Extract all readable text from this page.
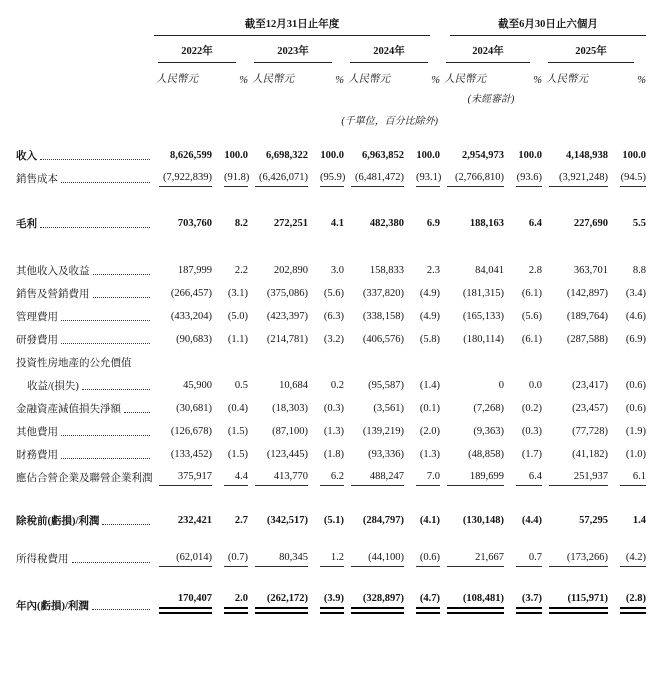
	截至12月31日止年度						截至6月30日止六個月			

	2022年		2023年		2024年		2024年		2025年	

	人民幣元	%	人民幣元	%	人民幣元	%	人民幣元	%	人民幣元	%
							(未經審計)			
(千單位，百分比除外)										

收入	8,626,599	100.0	6,698,322	100.0	6,963,852	100.0	2,954,973	100.0	4,148,938	100.0

銷售成本	(7,922,839)	(91.8)	(6,426,071)	(95.9)	(6,481,472)	(93.1)	(2,766,810)	(93.6)	(3,921,248)	(94.5)

毛利	703,760	8.2	272,251	4.1	482,380	6.9	188,163	6.4	227,690	5.5

其他收入及收益	187,999	2.2	202,890	3.0	158,833	2.3	84,041	2.8	363,701	8.8

銷售及營銷費用	(266,457)	(3.1)	(375,086)	(5.6)	(337,820)	(4.9)	(181,315)	(6.1)	(142,897)	(3.4)

管理費用	(433,204)	(5.0)	(423,397)	(6.3)	(338,158)	(4.9)	(165,133)	(5.6)	(189,764)	(4.6)

研發費用	(90,683)	(1.1)	(214,781)	(3.2)	(406,576)	(5.8)	(180,114)	(6.1)	(287,588)	(6.9)

投資性房地產的公允價值										

收益/(損失)	45,900	0.5	10,684	0.2	(95,587)	(1.4)	0	0.0	(23,417)	(0.6)

金融資產減值損失淨額	(30,681)	(0.4)	(18,303)	(0.3)	(3,561)	(0.1)	(7,268)	(0.2)	(23,457)	(0.6)

其他費用	(126,678)	(1.5)	(87,100)	(1.3)	(139,219)	(2.0)	(9,363)	(0.3)	(77,728)	(1.9)

財務費用	(133,452)	(1.5)	(123,445)	(1.8)	(93,336)	(1.3)	(48,858)	(1.7)	(41,182)	(1.0)

應佔合營企業及聯營企業利潤	375,917	4.4	413,770	6.2	488,247	7.0	189,699	6.4	251,937	6.1

除稅前(虧損)/利潤	232,421	2.7	(342,517)	(5.1)	(284,797)	(4.1)	(130,148)	(4.4)	57,295	1.4

所得稅費用	(62,014)	(0.7)	80,345	1.2	(44,100)	(0.6)	21,667	0.7	(173,266)	(4.2)

年內(虧損)/利潤	170,407	2.0	(262,172)	(3.9)	(328,897)	(4.7)	(108,481)	(3.7)	(115,971)	(2.8)
